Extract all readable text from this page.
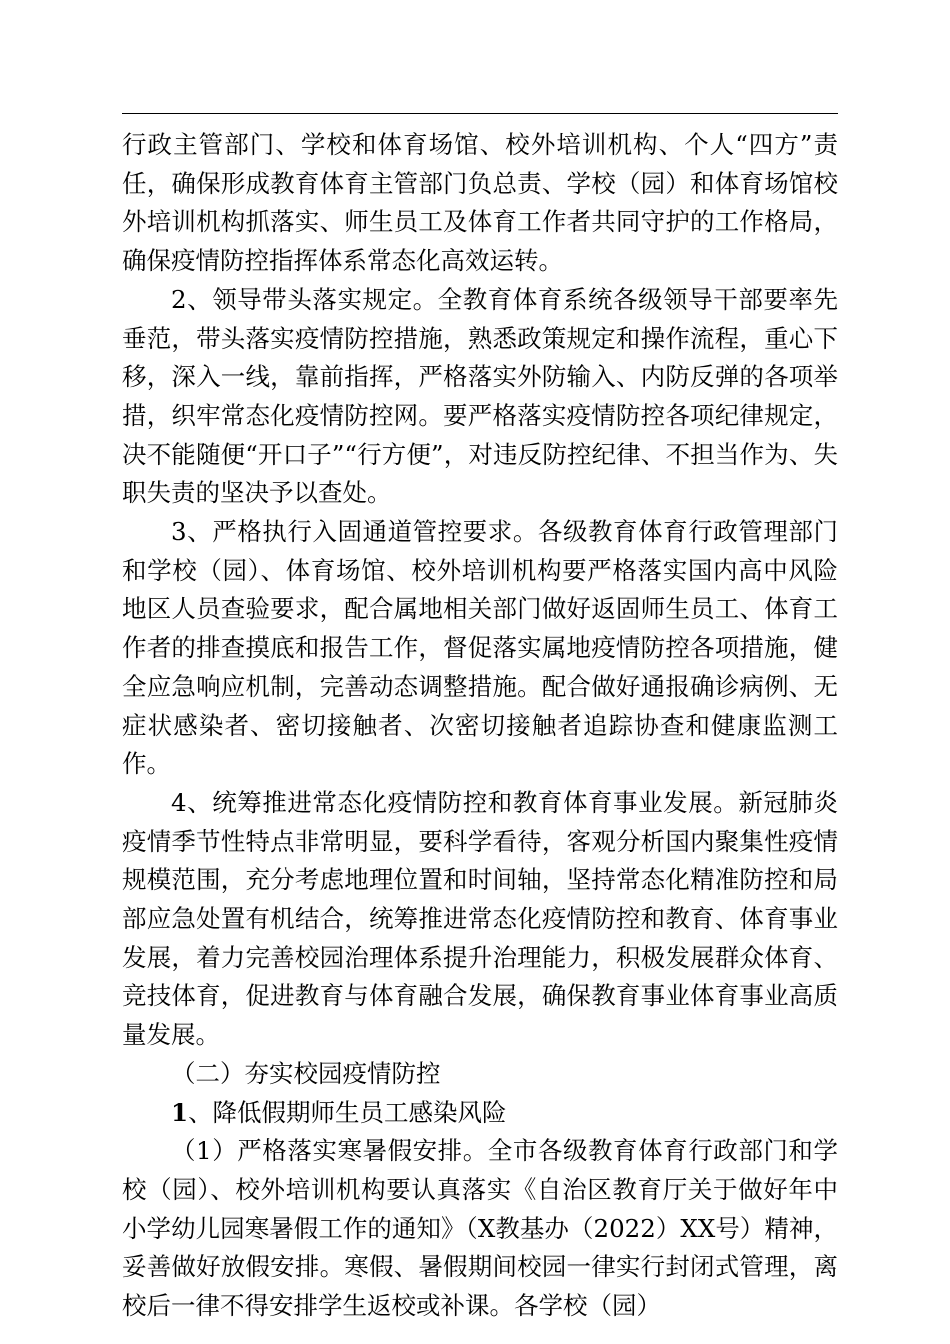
行政主管部门、学校和体育场馆、校外培训机构、个人“四方”责任，确保形成教育体育主管部门负总责、学校（园）和体育场馆校外培训机构抓落实、师生员工及体育工作者共同守护的工作格局，确保疫情防控指挥体系常态化高效运转。

2、领导带头落实规定。全教育体育系统各级领导干部要率先垂范，带头落实疫情防控措施，熟悉政策规定和操作流程，重心下移，深入一线，靠前指挥，严格落实外防输入、内防反弹的各项举措，织牢常态化疫情防控网。要严格落实疫情防控各项纪律规定，决不能随便“开口子”“行方便”，对违反防控纪律、不担当作为、失职失责的坚决予以查处。

3、严格执行入固通道管控要求。各级教育体育行政管理部门和学校（园）、体育场馆、校外培训机构要严格落实国内高中风险地区人员查验要求，配合属地相关部门做好返固师生员工、体育工作者的排查摸底和报告工作，督促落实属地疫情防控各项措施，健全应急响应机制，完善动态调整措施。配合做好通报确诊病例、无症状感染者、密切接触者、次密切接触者追踪协查和健康监测工作。

4、统筹推进常态化疫情防控和教育体育事业发展。新冠肺炎疫情季节性特点非常明显，要科学看待，客观分析国内聚集性疫情规模范围，充分考虑地理位置和时间轴，坚持常态化精准防控和局部应急处置有机结合，统筹推进常态化疫情防控和教育、体育事业发展，着力完善校园治理体系提升治理能力，积极发展群众体育、竞技体育，促进教育与体育融合发展，确保教育事业体育事业高质量发展。

（二）夯实校园疫情防控

1、降低假期师生员工感染风险

（1）严格落实寒暑假安排。全市各级教育体育行政部门和学校（园）、校外培训机构要认真落实《自治区教育厅关于做好年中小学幼儿园寒暑假工作的通知》（X教基办（2022）XX号）精神，妥善做好放假安排。寒假、暑假期间校园一律实行封闭式管理，离校后一律不得安排学生返校或补课。各学校（园）
